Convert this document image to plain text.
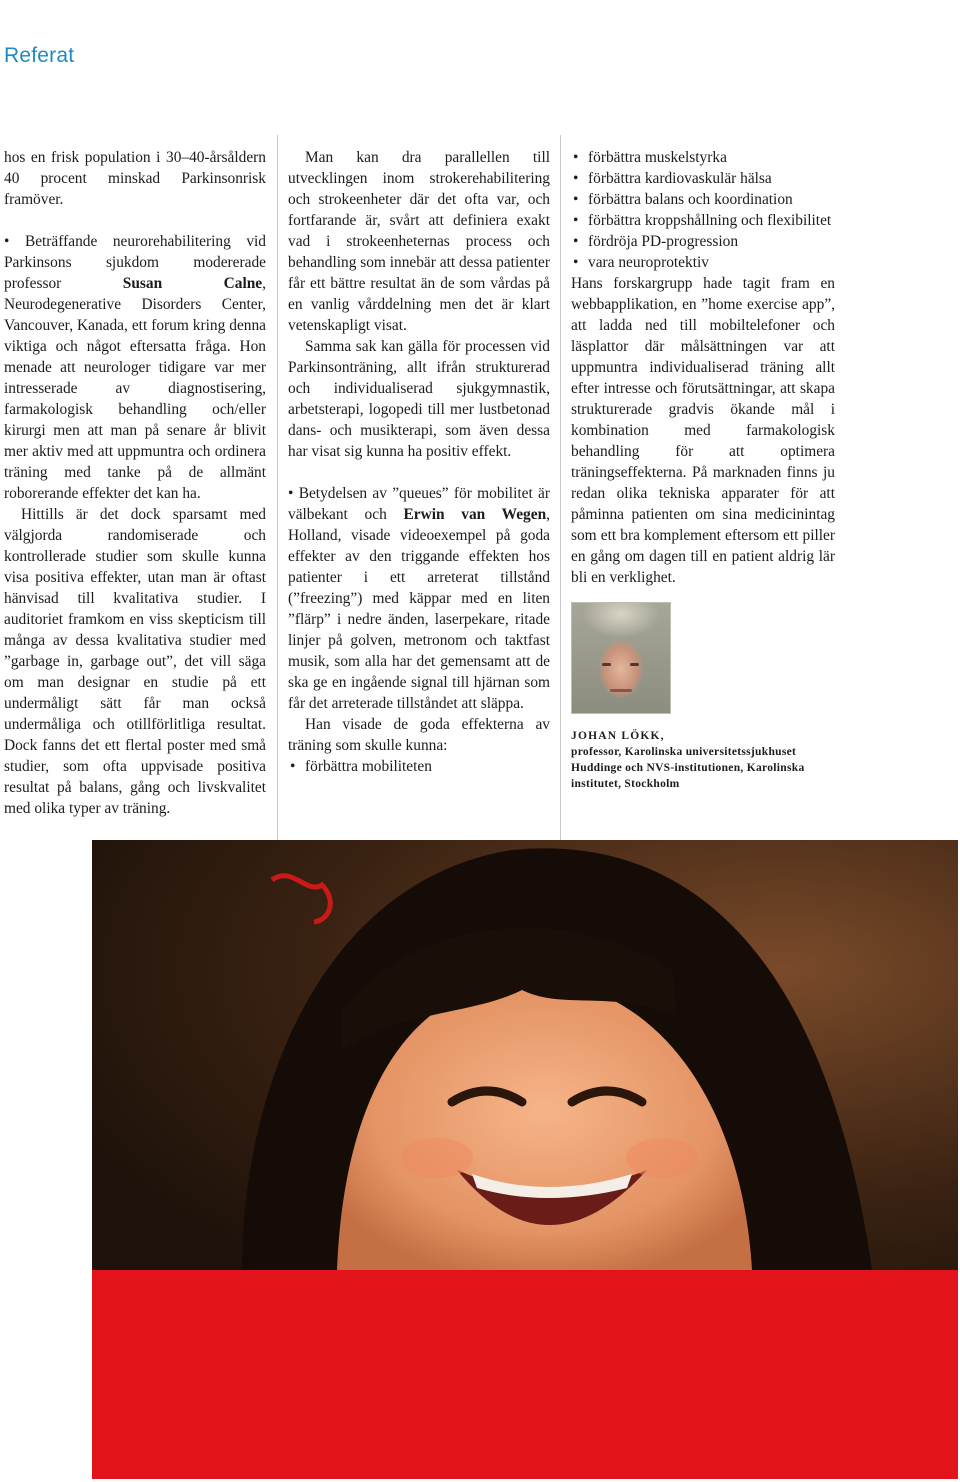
Referat

hos en frisk population i 30–40-årsåldern 40 procent minskad Parkinsonrisk framöver.

• Beträffande neurorehabilitering vid Parkinsons sjukdom modererade professor Susan Calne, Neurodegenerative Disorders Center, Vancouver, Kanada, ett forum kring denna viktiga och något eftersatta fråga. Hon menade att neurologer tidigare var mer intresserade av diagnostisering, farmakologisk behandling och/eller kirurgi men att man på senare år blivit mer aktiv med att uppmuntra och ordinera träning med tanke på de allmänt roborerande effekter det kan ha.

Hittills är det dock sparsamt med välgjorda randomiserade och kontrollerade studier som skulle kunna visa positiva effekter, utan man är oftast hänvisad till kvalitativa studier. I auditoriet framkom en viss skepticism till många av dessa kvalitativa studier med ”garbage in, garbage out”, det vill säga om man designar en studie på ett undermåligt sätt får man också undermåliga och otillförlitliga resultat. Dock fanns det ett flertal poster med små studier, som ofta uppvisade positiva resultat på balans, gång och livskvalitet med olika typer av träning.

Man kan dra parallellen till utvecklingen inom strokerehabilitering och strokeenheter där det ofta var, och fortfarande är, svårt att definiera exakt vad i strokeenheternas process och behandling som innebär att dessa patienter får ett bättre resultat än de som vårdas på en vanlig vårddelning men det är klart vetenskapligt visat.

Samma sak kan gälla för processen vid Parkinsonträning, allt ifrån strukturerad och individualiserad sjukgymnastik, arbetsterapi, logopedi till mer lustbetonad dans- och musikterapi, som även dessa har visat sig kunna ha positiv effekt.

• Betydelsen av ”queues” för mobilitet är välbekant och Erwin van Wegen, Holland, visade videoexempel på goda effekter av den triggande effekten hos patienter i ett arreterat tillstånd (”freezing”) med käppar med en liten ”flärp” i nedre änden, laserpekare, ritade linjer på golven, metronom och taktfast musik, som alla har det gemensamt att de ska ge en ingående signal till hjärnan som får det arreterade tillståndet att släppa.

Han visade de goda effekterna av träning som skulle kunna:

• förbättra mobiliteten
• förbättra muskelstyrka
• förbättra kardiovaskulär hälsa
• förbättra balans och koordination
• förbättra kroppshållning och flexibilitet
• fördröja PD-progression
• vara neuroprotektiv

Hans forskargrupp hade tagit fram en webbapplikation, en ”home exercise app”, att ladda ned till mobiltelefoner och läsplattor där målsättningen var att uppmuntra individualiserad träning allt efter intresse och förutsättningar, att skapa strukturerade gradvis ökande mål i kombination med farmakologisk behandling för att optimera träningseffekterna. På marknaden finns ju redan olika tekniska apparater för att påminna patienten om sina medicinintag som ett bra komplement eftersom ett piller en gång om dagen till en patient aldrig lär bli en verklighet.

JOHAN LÖKK,
professor, Karolinska universitetssjukhuset Huddinge och NVS-institutionen, Karolinska institutet, Stockholm
